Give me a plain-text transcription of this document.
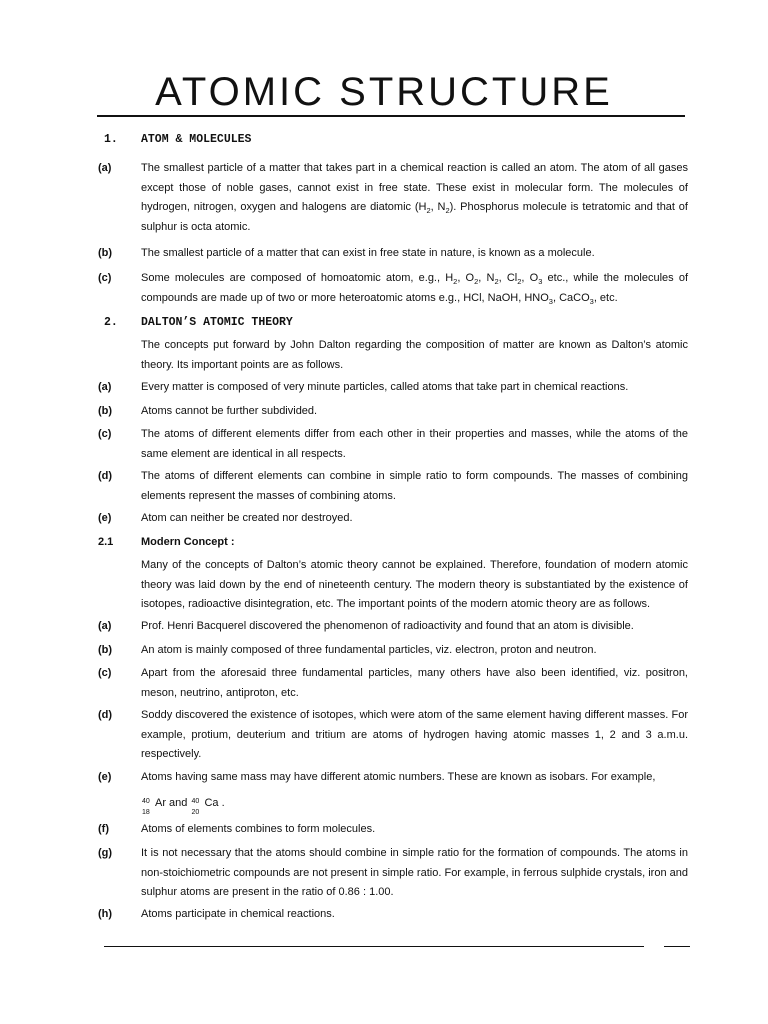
ATOMIC STRUCTURE
1.	ATOM & MOLECULES
(a)	The smallest particle of a matter that takes part in a chemical reaction is called an atom. The atom of all gases except those of noble gases, cannot exist in free state. These exist in molecular form. The molecules of hydrogen, nitrogen, oxygen and halogens are diatomic ($H_2$, $N_2$). Phosphorus molecule is tetratomic and that of sulphur is octa atomic.
(b)	The smallest particle of a matter that can exist in free state in nature, is known as a molecule.
(c)	Some molecules are composed of homoatomic atom, e.g., $H_2$, $O_2$, $N_2$, $Cl_2$, $O_3$ etc., while the molecules of compounds are made up of two or more heteroatomic atoms e.g., HCl, NaOH, $HNO_3$, CaCO$_3$, etc.
2.	DALTON’S ATOMIC THEORY
The concepts put forward by John Dalton regarding the composition of matter are known as Dalton’s atomic theory. Its important points are as follows.
(a)	Every matter is composed of very minute particles, called atoms that take part in chemical reactions.
(b)	Atoms cannot be further subdivided.
(c)	The atoms of different elements differ from each other in their properties and masses, while the atoms of the same element are identical in all respects.
(d)	The atoms of different elements can combine in simple ratio to form compounds. The masses of combining elements represent the masses of combining atoms.
(e)	Atom can neither be created nor destroyed.
2.1	Modern Concept :
Many of the concepts of Dalton’s atomic theory cannot be explained. Therefore, foundation of modern atomic theory was laid down by the end of nineteenth century. The modern theory is substantiated by the existence of isotopes, radioactive disintegration, etc. The important points of the modern atomic theory are as follows.
(a)	Prof. Henri Bacquerel discovered the phenomenon of radioactivity and found that an atom is divisible.
(b)	An atom is mainly composed of three fundamental particles, viz. electron, proton and neutron.
(c)	Apart from the aforesaid three fundamental particles, many others have also been identified, viz. positron, meson, neutrino, antiproton, etc.
(d)	Soddy discovered the existence of isotopes, which were atom of the same element having different masses. For example, protium, deuterium and tritium are atoms of hydrogen having atomic masses 1, 2 and 3 a.m.u. respectively.
(e)	Atoms having same mass may have different atomic numbers. These are known as isobars. For example,
40
18
Ar and 40
20
Ca .
(f)	Atoms of elements combines to form molecules.
(g)	It is not necessary that the atoms should combine in simple ratio for the formation of compounds. The atoms in non-stoichiometric compounds are not present in simple ratio. For example, in ferrous sulphide crystals, iron and sulphur atoms are present in the ratio of 0.86 : 1.00.
(h)	Atoms participate in chemical reactions.
